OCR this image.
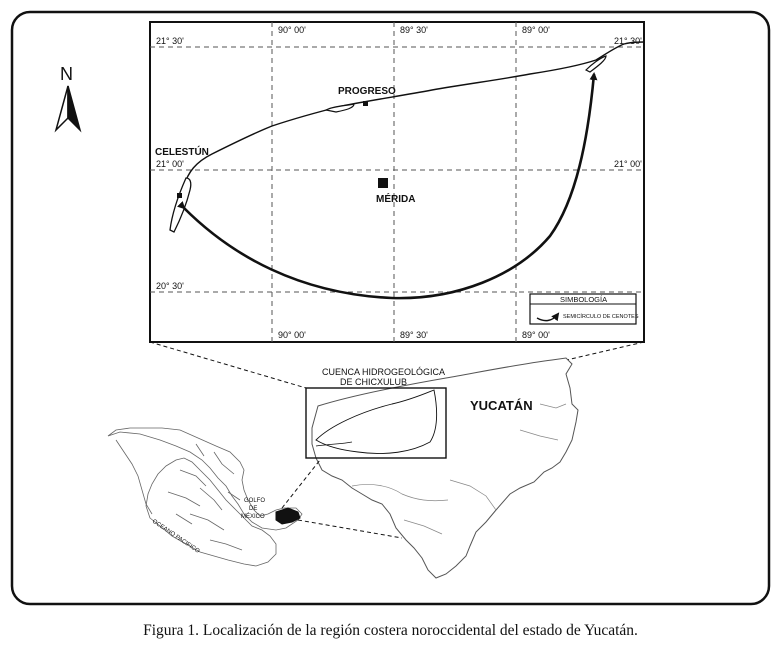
N
21° 30'	21° 30'
21° 00'	21° 00'
20° 30'
90° 00'	89° 30'	89° 00'
90° 00'	89° 30'	89° 00'
PROGRESO
CELESTÚN
MÉRIDA
SIMBOLOGÍA
SEMICÍRCULO DE CENOTES
CUENCA HIDROGEOLÓGICA
DE CHICXULUB
YUCATÁN
GOLFO
DE
MÉXICO
OCEANO PACIFICO
Figura 1. Localización de la región costera noroccidental del estado de Yucatán.
